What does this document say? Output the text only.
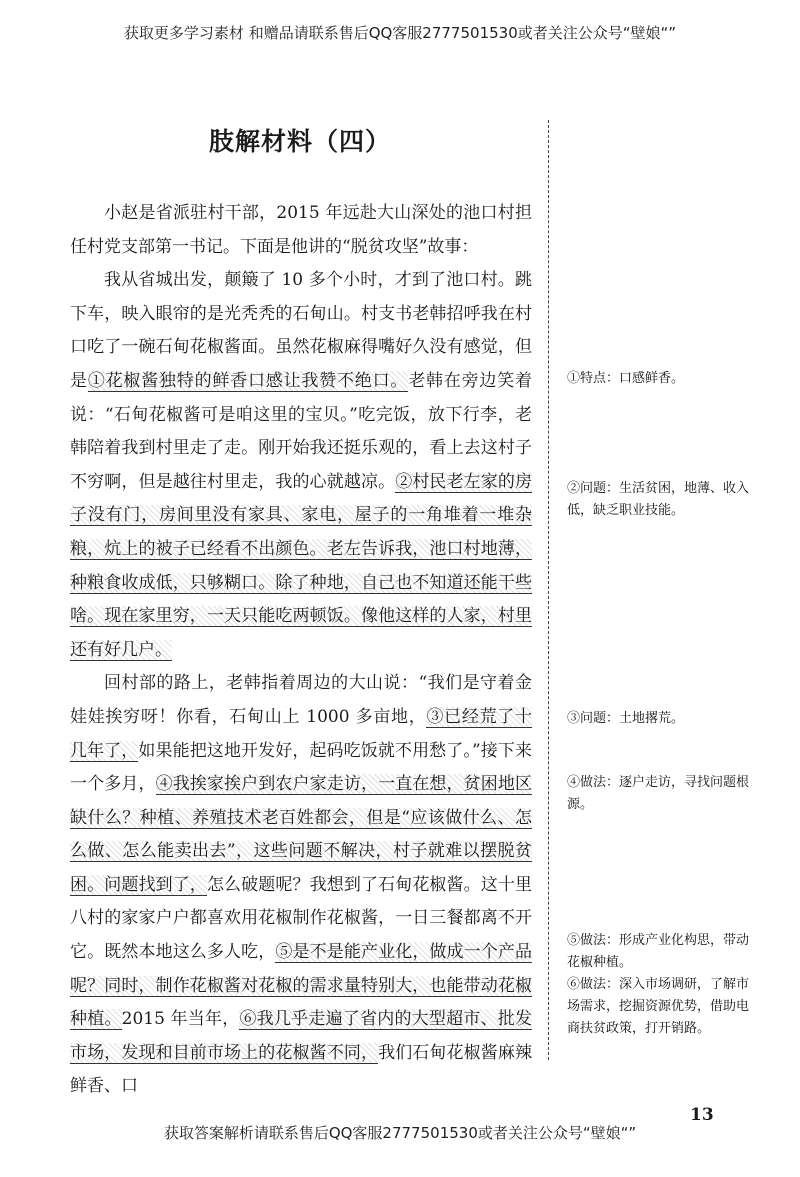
获取更多学习素材 和赠品请联系售后QQ客服2777501530或者关注公众号“壁娘“”
肢解材料（四）

小赵是省派驻村干部，2015 年远赴大山深处的池口村担任村党支部第一书记。下面是他讲的“脱贫攻坚”故事：

我从省城出发，颠簸了 10 多个小时，才到了池口村。跳下车，映入眼帘的是光秃秃的石甸山。村支书老韩招呼我在村口吃了一碗石甸花椒酱面。虽然花椒麻得嘴好久没有感觉，但是①花椒酱独特的鲜香口感让我赞不绝口。老韩在旁边笑着说：“石甸花椒酱可是咱这里的宝贝。”吃完饭，放下行李，老韩陪着我到村里走了走。刚开始我还挺乐观的，看上去这村子不穷啊，但是越往村里走，我的心就越凉。②村民老左家的房子没有门，房间里没有家具、家电，屋子的一角堆着一堆杂粮，炕上的被子已经看不出颜色。老左告诉我，池口村地薄，种粮食收成低，只够糊口。除了种地，自己也不知道还能干些啥。现在家里穷，一天只能吃两顿饭。像他这样的人家，村里还有好几户。

回村部的路上，老韩指着周边的大山说：“我们是守着金娃娃挨穷呀！你看，石甸山上 1000 多亩地，③已经荒了十几年了，如果能把这地开发好，起码吃饭就不用愁了。”接下来一个多月，④我挨家挨户到农户家走访，一直在想，贫困地区缺什么？种植、养殖技术老百姓都会，但是“应该做什么、怎么做、怎么能卖出去”，这些问题不解决，村子就难以摆脱贫困。问题找到了，怎么破题呢？我想到了石甸花椒酱。这十里八村的家家户户都喜欢用花椒制作花椒酱，一日三餐都离不开它。既然本地这么多人吃，⑤是不是能产业化，做成一个产品呢？同时，制作花椒酱对花椒的需求量特别大，也能带动花椒种植。2015 年当年，⑥我几乎走遍了省内的大型超市、批发市场，发现和目前市场上的花椒酱不同，我们石甸花椒酱麻辣鲜香、口

①特点：口感鲜香。
②问题：生活贫困，地薄、收入低，缺乏职业技能。
③问题：土地撂荒。
④做法：逐户走访，寻找问题根源。
⑤做法：形成产业化构思，带动花椒种植。
⑥做法：深入市场调研，了解市场需求，挖掘资源优势，借助电商扶贫政策，打开销路。
13
获取答案解析请联系售后QQ客服2777501530或者关注公众号“壁娘“”
